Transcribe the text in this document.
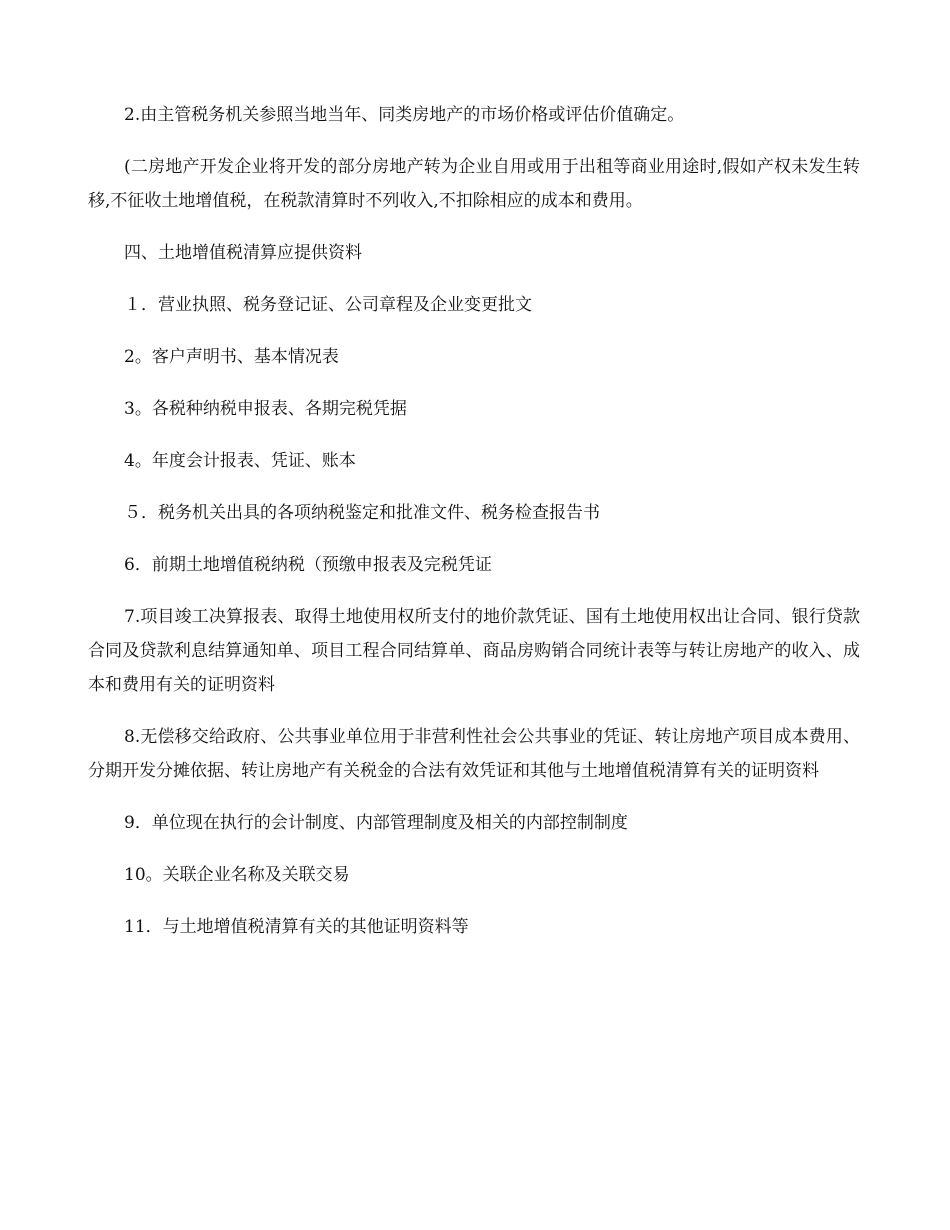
2.由主管税务机关参照当地当年、同类房地产的市场价格或评估价值确定。

(二房地产开发企业将开发的部分房地产转为企业自用或用于出租等商业用途时,假如产权未发生转移,不征收土地增值税，在税款清算时不列收入,不扣除相应的成本和费用。

四、土地增值税清算应提供资料

１．营业执照、税务登记证、公司章程及企业变更批文

2。客户声明书、基本情况表

3。各税种纳税申报表、各期完税凭据

4。年度会计报表、凭证、账本

５．税务机关出具的各项纳税鉴定和批准文件、税务检查报告书

6．前期土地增值税纳税（预缴申报表及完税凭证

7.项目竣工决算报表、取得土地使用权所支付的地价款凭证、国有土地使用权出让合同、银行贷款合同及贷款利息结算通知单、项目工程合同结算单、商品房购销合同统计表等与转让房地产的收入、成本和费用有关的证明资料

8.无偿移交给政府、公共事业单位用于非营利性社会公共事业的凭证、转让房地产项目成本费用、分期开发分摊依据、转让房地产有关税金的合法有效凭证和其他与土地增值税清算有关的证明资料

9．单位现在执行的会计制度、内部管理制度及相关的内部控制制度

10。关联企业名称及关联交易

11．与土地增值税清算有关的其他证明资料等
